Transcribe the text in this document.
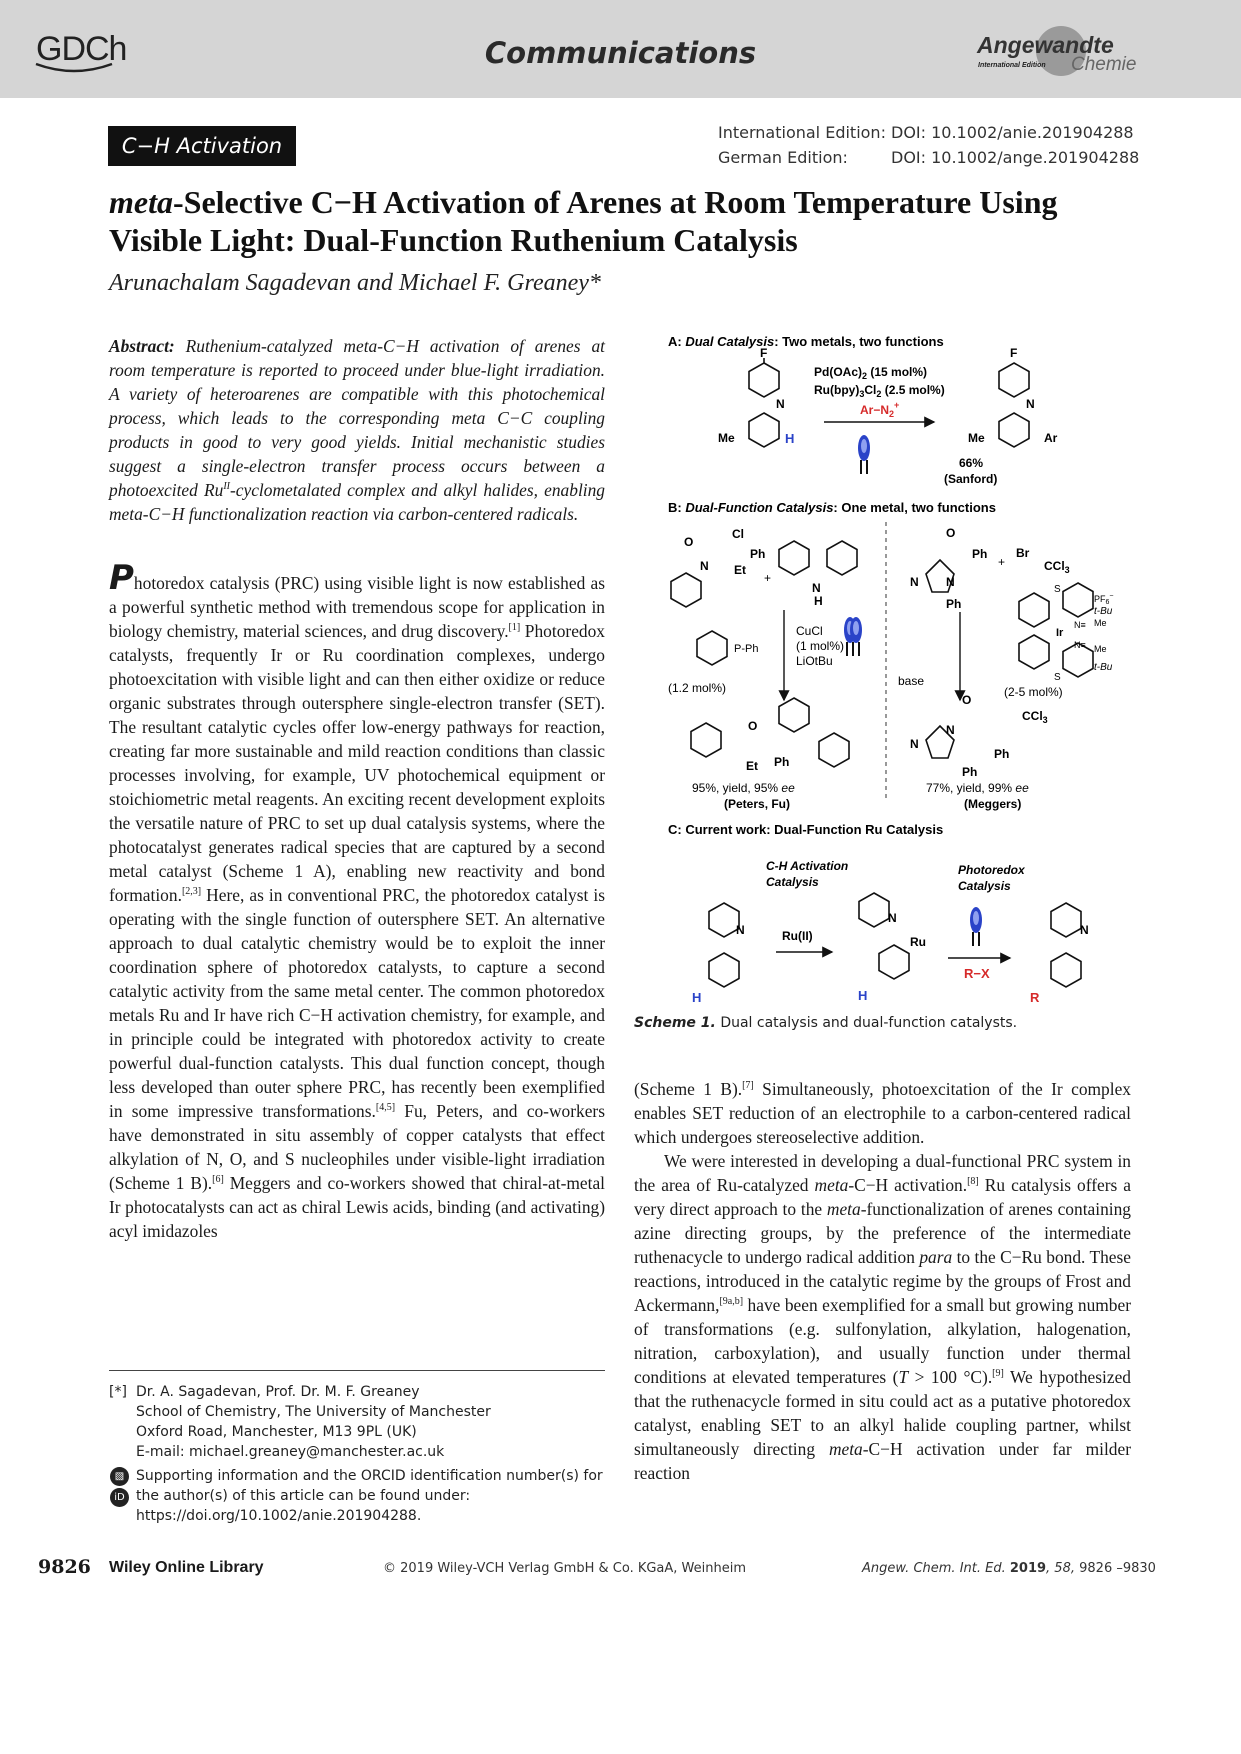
GDCh	Communications	Angewandte
International Edition Chemie
C−H Activation
International Edition:
German Edition:
DOI: 10.1002/anie.201904288
DOI: 10.1002/ange.201904288
meta-Selective C−H Activation of Arenes at Room Temperature Using Visible Light: Dual-Function Ruthenium Catalysis
Arunachalam Sagadevan and Michael F. Greaney*
Abstract: Ruthenium-catalyzed meta-C−H activation of arenes at room temperature is reported to proceed under blue-light irradiation. A variety of heteroarenes are compatible with this photochemical process, which leads to the corresponding meta C−C coupling products in good to very good yields. Initial mechanistic studies suggest a single-electron transfer process occurs between a photoexcited $Ru^{II}$-cyclometalated complex and alkyl halides, enabling meta-C−H functionalization reaction via carbon-centered radicals.
Photoredox catalysis (PRC) using visible light is now established as a powerful synthetic method with tremendous scope for application in biology chemistry, material sciences, and drug discovery.[1] Photoredox catalysts, frequently Ir or Ru coordination complexes, undergo photoexcitation with visible light and can then either oxidize or reduce organic substrates through outersphere single-electron transfer (SET). The resultant catalytic cycles offer low-energy pathways for reaction, creating far more sustainable and mild reaction conditions than classic processes involving, for example, UV photochemical equipment or stoichiometric metal reagents. An exciting recent development exploits the versatile nature of PRC to set up dual catalysis systems, where the photocatalyst generates radical species that are captured by a second metal catalyst (Scheme 1 A), enabling new reactivity and bond formation.[2,3] Here, as in conventional PRC, the photoredox catalyst is operating with the single function of outersphere SET. An alternative approach to dual catalytic chemistry would be to exploit the inner coordination sphere of photoredox catalysts, to capture a second catalytic activity from the same metal center. The common photoredox metals Ru and Ir have rich C−H activation chemistry, for example, and in principle could be integrated with photoredox activity to create powerful dual-function catalysts. This dual function concept, though less developed than outer sphere PRC, has recently been exemplified in some impressive transformations.[4,5] Fu, Peters, and co-workers have demonstrated in situ assembly of copper catalysts that effect alkylation of N, O, and S nucleophiles under visible-light irradiation (Scheme 1 B).[6] Meggers and co-workers showed that chiral-at-metal Ir photocatalysts can act as chiral Lewis acids, binding (and activating) acyl imidazoles
A: Dual Catalysis: Two metals, two functions
F
N
Me	H
$Pd(OAc)_2$ (15 mol%)
$Ru(bpy)_3Cl_2$ (2.5 mol%)
$Ar-N_2^+$
F
N
Me	Ar
66%
(Sanford)
B: Dual-Function Catalysis: One metal, two functions
N
O
Cl
Ph
Et
+
N
H
P-Ph
(1.2 mol%)
CuCl
(1 mol%)
LiOtBu
O
Et Ph
95%, yield, 95% ee
(Peters, Fu)
N
N
O
Ph
Ph
+
Br
CCl$_3$
$PF_6^-$
S
S
Ir
t-Bu
t-Bu
N≡ Me
N≡ Me
base
(2-5 mol%)
N
N
O
Ph
Ph
CCl$_3$
77%, yield, 99% ee
(Meggers)
C: Current work: Dual-Function Ru Catalysis
C-H Activation
Catalysis
Photoredox
Catalysis
N
H
Ru(II)
N
Ru
H
R−X
N
R
Scheme 1. Dual catalysis and dual-function catalysts.
(Scheme 1 B).[7] Simultaneously, photoexcitation of the Ir complex enables SET reduction of an electrophile to a carbon-centered radical which undergoes stereoselective addition.
We were interested in developing a dual-functional PRC system in the area of Ru-catalyzed meta-C−H activation.[8] Ru catalysis offers a very direct approach to the meta-functionalization of arenes containing azine directing groups, by the preference of the intermediate ruthenacycle to undergo radical addition para to the C−Ru bond. These reactions, introduced in the catalytic regime by the groups of Frost and Ackermann,[9a,b] have been exemplified for a small but growing number of transformations (e.g. sulfonylation, alkylation, halogenation, nitration, carboxylation), and usually function under thermal conditions at elevated temperatures (T > 100 °C).[9] We hypothesized that the ruthenacycle formed in situ could act as a putative photoredox catalyst, enabling SET to an alkyl halide coupling partner, whilst simultaneously directing meta-C−H activation under far milder reaction
[*] Dr. A. Sagadevan, Prof. Dr. M. F. Greaney
School of Chemistry, The University of Manchester
Oxford Road, Manchester, M13 9PL (UK)
E-mail: michael.greaney@manchester.ac.uk
▧
iD
Supporting information and the ORCID identification number(s) for
the author(s) of this article can be found under:
https://doi.org/10.1002/anie.201904288.
9826 Wiley Online Library	© 2019 Wiley-VCH Verlag GmbH & Co. KGaA, Weinheim	Angew. Chem. Int. Ed. 2019, 58, 9826 –9830
